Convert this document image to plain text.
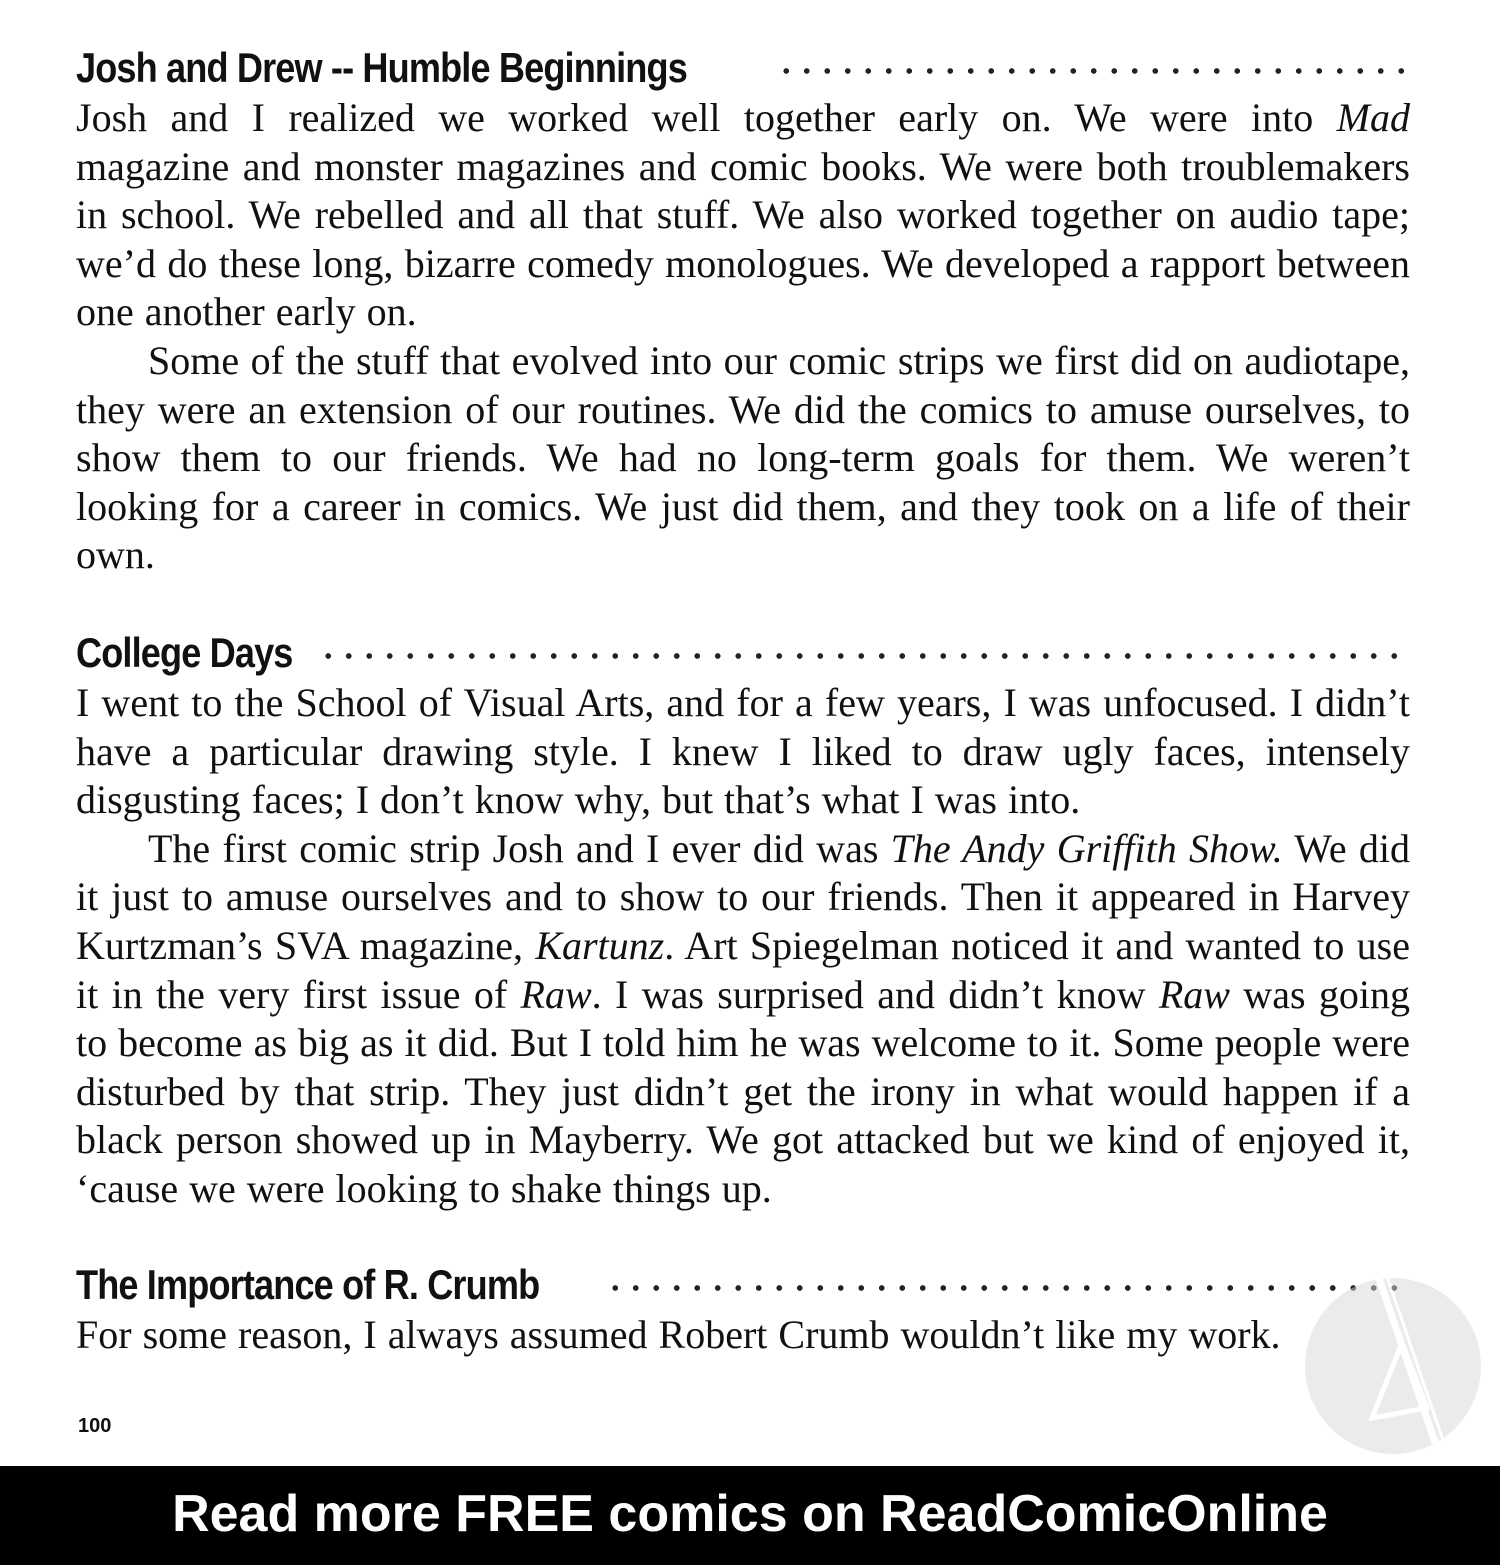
Josh and Drew -- Humble Beginnings

Josh and I realized we worked well together early on. We were into Mad magazine and monster magazines and comic books. We were both troublemakers in school. We rebelled and all that stuff. We also worked together on audio tape; we’d do these long, bizarre comedy monologues. We developed a rapport between one another early on.

Some of the stuff that evolved into our comic strips we first did on audiotape, they were an extension of our routines. We did the comics to amuse ourselves, to show them to our friends. We had no long-term goals for them. We weren’t looking for a career in comics. We just did them, and they took on a life of their own.

College Days

I went to the School of Visual Arts, and for a few years, I was unfocused. I didn’t have a particular drawing style. I knew I liked to draw ugly faces, intensely disgusting faces; I don’t know why, but that’s what I was into.

The first comic strip Josh and I ever did was The Andy Griffith Show. We did it just to amuse ourselves and to show to our friends. Then it appeared in Harvey Kurtzman’s SVA magazine, Kartunz. Art Spiegelman noticed it and wanted to use it in the very first issue of Raw. I was surprised and didn’t know Raw was going to become as big as it did. But I told him he was welcome to it. Some people were disturbed by that strip. They just didn’t get the irony in what would happen if a black person showed up in Mayberry. We got attacked but we kind of enjoyed it, ‘cause we were looking to shake things up.

The Importance of R. Crumb

For some reason, I always assumed Robert Crumb wouldn’t like my work.

100
Read more FREE comics on ReadComicOnline
